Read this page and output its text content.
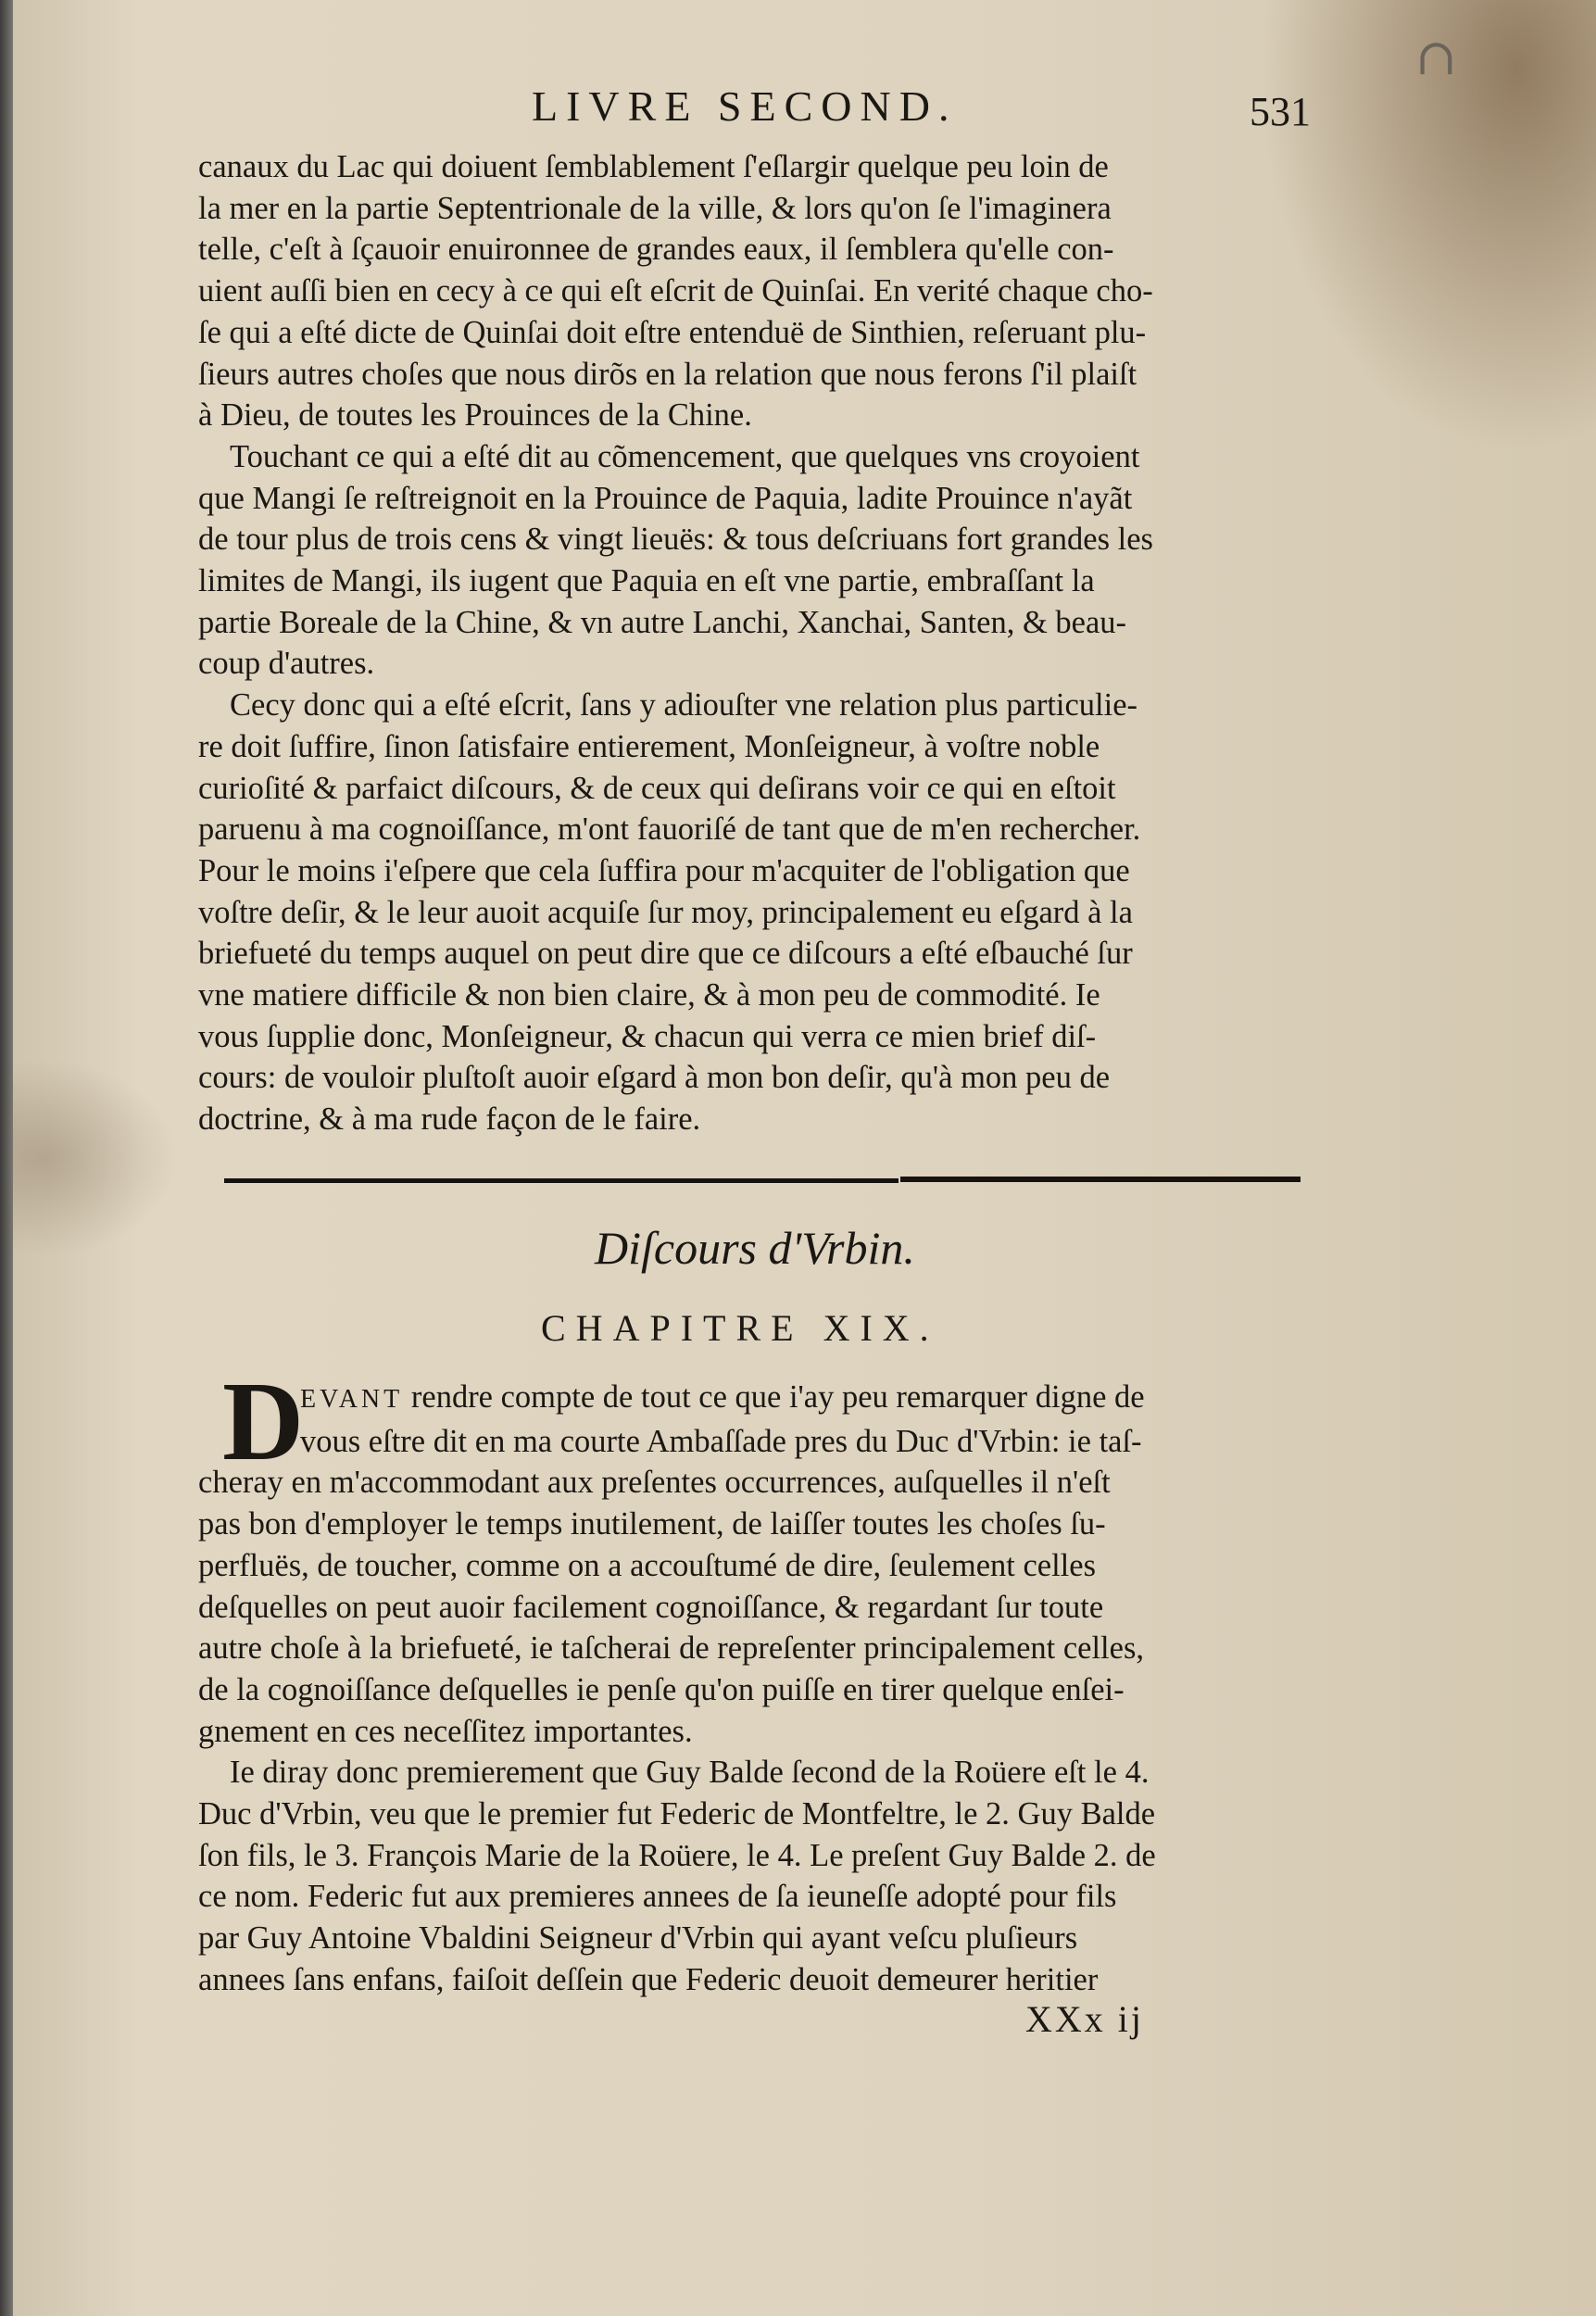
∩
LIVRE SECOND.	531
canaux du Lac qui doiuent ſemblablement ſ'eſlargir quelque peu loin de
la mer en la partie Septentrionale de la ville, & lors qu'on ſe l'imaginera
telle, c'eſt à ſçauoir enuironnee de grandes eaux, il ſemblera qu'elle con-
uient auſſi bien en cecy à ce qui eſt eſcrit de Quinſai. En verité chaque cho-
ſe qui a eſté dicte de Quinſai doit eſtre entenduë de Sinthien, reſeruant plu-
ſieurs autres choſes que nous dirõs en la relation que nous ferons ſ'il plaiſt
à Dieu, de toutes les Prouinces de la Chine.
Touchant ce qui a eſté dit au cõmencement, que quelques vns croyoient
que Mangi ſe reſtreignoit en la Prouince de Paquia, ladite Prouince n'ayãt
de tour plus de trois cens & vingt lieuës: & tous deſcriuans fort grandes les
limites de Mangi, ils iugent que Paquia en eſt vne partie, embraſſant la
partie Boreale de la Chine, & vn autre Lanchi, Xanchai, Santen, & beau-
coup d'autres.
Cecy donc qui a eſté eſcrit, ſans y adiouſter vne relation plus particulie-
re doit ſuffire, ſinon ſatisfaire entierement, Monſeigneur, à voſtre noble
curioſité & parfaict diſcours, & de ceux qui deſirans voir ce qui en eſtoit
paruenu à ma cognoiſſance, m'ont fauoriſé de tant que de m'en rechercher.
Pour le moins i'eſpere que cela ſuffira pour m'acquiter de l'obligation que
voſtre deſir, & le leur auoit acquiſe ſur moy, principalement eu eſgard à la
briefueté du temps auquel on peut dire que ce diſcours a eſté eſbauché ſur
vne matiere difficile & non bien claire, & à mon peu de commodité. Ie
vous ſupplie donc, Monſeigneur, & chacun qui verra ce mien brief diſ-
cours: de vouloir pluſtoſt auoir eſgard à mon bon deſir, qu'à mon peu de
doctrine, & à ma rude façon de le faire.
Diſcours d'Vrbin.
CHAPITRE XIX.
D
EVANT rendre compte de tout ce que i'ay peu remarquer digne de
vous eſtre dit en ma courte Ambaſſade pres du Duc d'Vrbin: ie taſ-
cheray en m'accommodant aux preſentes occurrences, auſquelles il n'eſt
pas bon d'employer le temps inutilement, de laiſſer toutes les choſes ſu-
perfluës, de toucher, comme on a accouſtumé de dire, ſeulement celles
deſquelles on peut auoir facilement cognoiſſance, & regardant ſur toute
autre choſe à la briefueté, ie taſcherai de repreſenter principalement celles,
de la cognoiſſance deſquelles ie penſe qu'on puiſſe en tirer quelque enſei-
gnement en ces neceſſitez importantes.
Ie diray donc premierement que Guy Balde ſecond de la Roüere eſt le 4.
Duc d'Vrbin, veu que le premier fut Federic de Montfeltre, le 2. Guy Balde
ſon fils, le 3. François Marie de la Roüere, le 4. Le preſent Guy Balde 2. de
ce nom. Federic fut aux premieres annees de ſa ieuneſſe adopté pour fils
par Guy Antoine Vbaldini Seigneur d'Vrbin qui ayant veſcu pluſieurs
annees ſans enfans, faiſoit deſſein que Federic deuoit demeurer heritier
XXx ij
